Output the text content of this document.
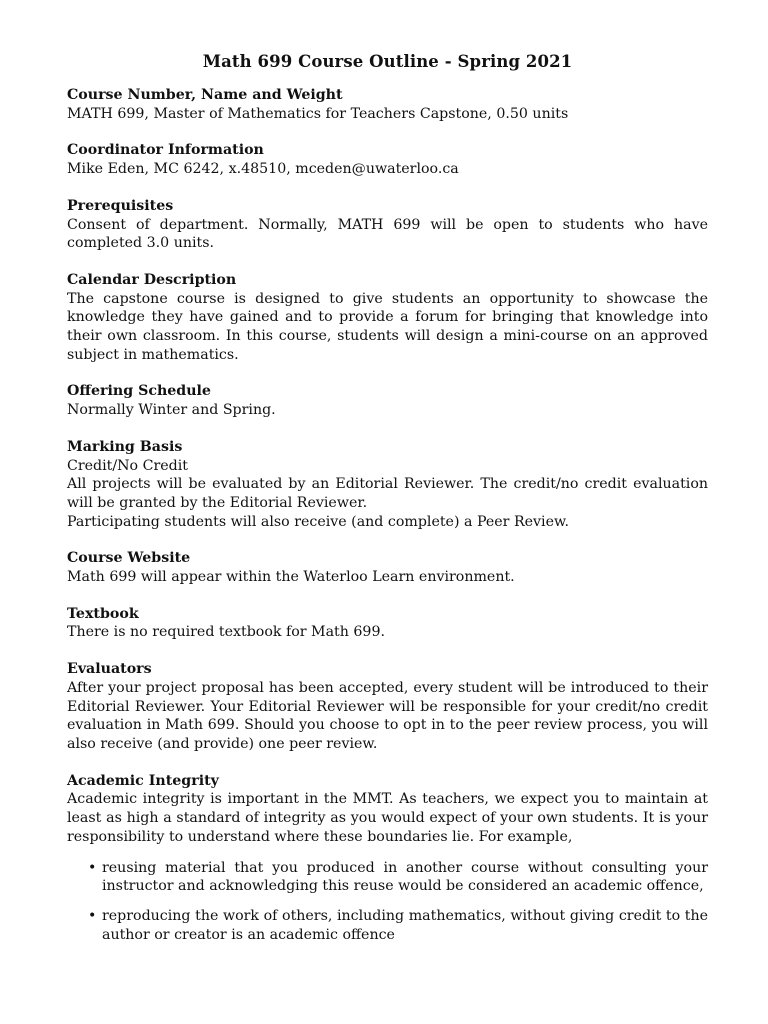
Math 699 Course Outline - Spring 2021
Course Number, Name and Weight
MATH 699, Master of Mathematics for Teachers Capstone, 0.50 units
Coordinator Information
Mike Eden, MC 6242, x.48510, mceden@uwaterloo.ca
Prerequisites
Consent of department. Normally, MATH 699 will be open to students who have completed 3.0 units.
Calendar Description
The capstone course is designed to give students an opportunity to showcase the knowledge they have gained and to provide a forum for bringing that knowledge into their own classroom. In this course, students will design a mini-course on an approved subject in mathematics.
Offering Schedule
Normally Winter and Spring.
Marking Basis
Credit/No Credit
All projects will be evaluated by an Editorial Reviewer. The credit/no credit evaluation will be granted by the Editorial Reviewer.
Participating students will also receive (and complete) a Peer Review.
Course Website
Math 699 will appear within the Waterloo Learn environment.
Textbook
There is no required textbook for Math 699.
Evaluators
After your project proposal has been accepted, every student will be introduced to their Editorial Reviewer. Your Editorial Reviewer will be responsible for your credit/no credit evaluation in Math 699. Should you choose to opt in to the peer review process, you will also receive (and provide) one peer review.
Academic Integrity
Academic integrity is important in the MMT. As teachers, we expect you to maintain at least as high a standard of integrity as you would expect of your own students. It is your responsibility to understand where these boundaries lie. For example,
• reusing material that you produced in another course without consulting your instructor and acknowledging this reuse would be considered an academic offence,
• reproducing the work of others, including mathematics, without giving credit to the author or creator is an academic offence
